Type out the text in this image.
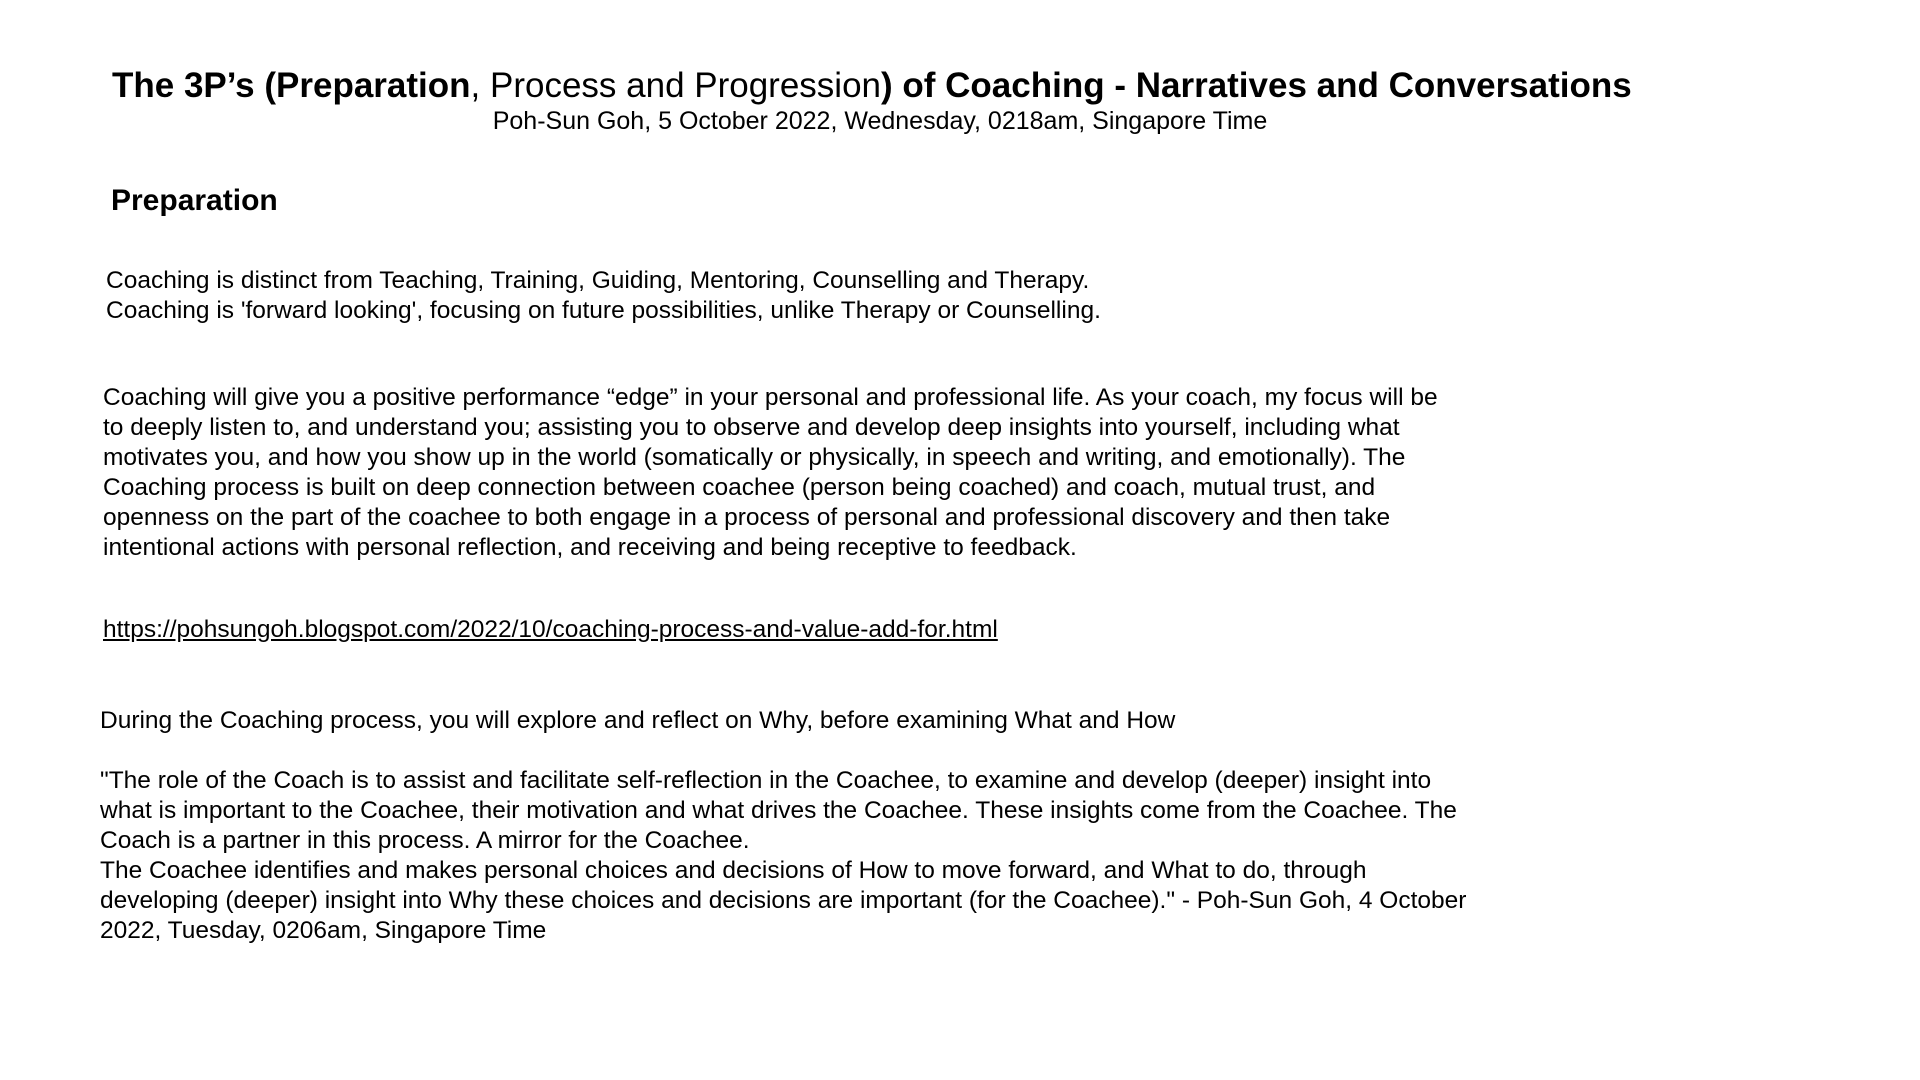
The 3P’s (Preparation, Process and Progression) of Coaching - Narratives and Conversations

Poh-Sun Goh, 5 October 2022, Wednesday, 0218am, Singapore Time

Preparation

Coaching is distinct from Teaching, Training, Guiding, Mentoring, Counselling and Therapy.
Coaching is 'forward looking', focusing on future possibilities, unlike Therapy or Counselling.

Coaching will give you a positive performance “edge” in your personal and professional life. As your coach, my focus will be
to deeply listen to, and understand you; assisting you to observe and develop deep insights into yourself, including what
motivates you, and how you show up in the world (somatically or physically, in speech and writing, and emotionally). The
Coaching process is built on deep connection between coachee (person being coached) and coach, mutual trust, and
openness on the part of the coachee to both engage in a process of personal and professional discovery and then take
intentional actions with personal reflection, and receiving and being receptive to feedback.

https://pohsungoh.blogspot.com/2022/10/coaching-process-and-value-add-for.html

During the Coaching process, you will explore and reflect on Why, before examining What and How

"The role of the Coach is to assist and facilitate self-reflection in the Coachee, to examine and develop (deeper) insight into
what is important to the Coachee, their motivation and what drives the Coachee. These insights come from the Coachee. The
Coach is a partner in this process. A mirror for the Coachee.
The Coachee identifies and makes personal choices and decisions of How to move forward, and What to do, through
developing (deeper) insight into Why these choices and decisions are important (for the Coachee)." - Poh-Sun Goh, 4 October
2022, Tuesday, 0206am, Singapore Time
